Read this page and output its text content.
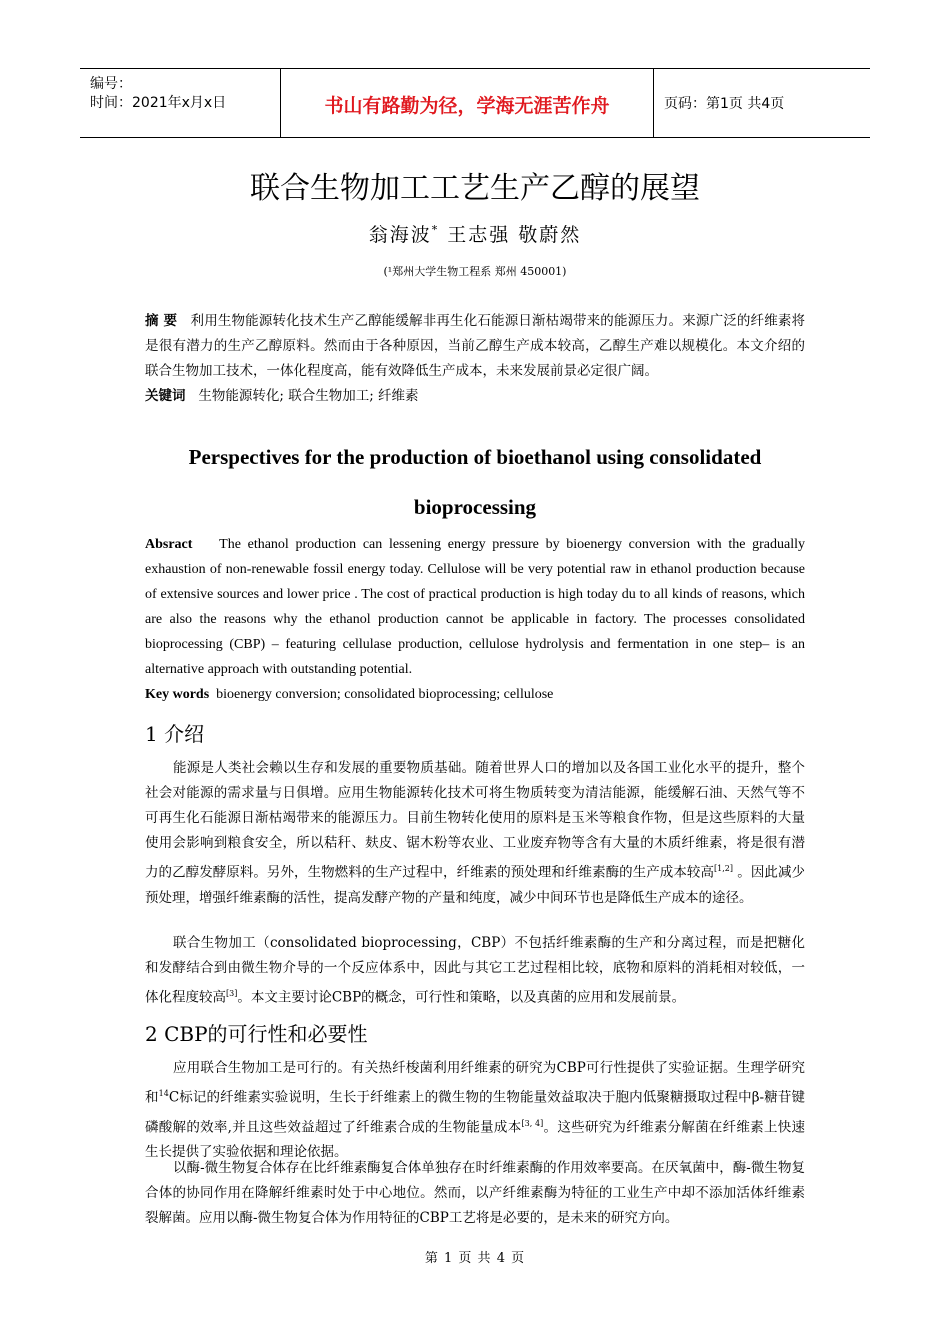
编号：
时间：2021年x月x日	书山有路勤为径，学海无涯苦作舟	页码：第1页 共4页
联合生物加工工艺生产乙醇的展望
翁海波* 王志强 敬蔚然
(¹郑州大学生物工程系 郑州 450001)
摘 要 利用生物能源转化技术生产乙醇能缓解非再生化石能源日渐枯竭带来的能源压力。来源广泛的纤维素将是很有潜力的生产乙醇原料。然而由于各种原因，当前乙醇生产成本较高，乙醇生产难以规模化。本文介绍的联合生物加工技术，一体化程度高，能有效降低生产成本，未来发展前景必定很广阔。
关键词 生物能源转化; 联合生物加工; 纤维素
Perspectives for the production of bioethanol using consolidated
bioprocessing
Absract The ethanol production can lessening energy pressure by bioenergy conversion with the gradually exhaustion of non-renewable fossil energy today. Cellulose will be very potential raw in ethanol production because of extensive sources and lower price . The cost of practical production is high today du to all kinds of reasons, which are also the reasons why the ethanol production cannot be applicable in factory. The processes consolidated bioprocessing (CBP) – featuring cellulase production, cellulose hydrolysis and fermentation in one step– is an alternative approach with outstanding potential.
Key words bioenergy conversion; consolidated bioprocessing; cellulose
1 介绍
能源是人类社会赖以生存和发展的重要物质基础。随着世界人口的增加以及各国工业化水平的提升，整个社会对能源的需求量与日俱增。应用生物能源转化技术可将生物质转变为清洁能源，能缓解石油、天然气等不可再生化石能源日渐枯竭带来的能源压力。目前生物转化使用的原料是玉米等粮食作物，但是这些原料的大量使用会影响到粮食安全，所以秸秆、麸皮、锯木粉等农业、工业废弃物等含有大量的木质纤维素，将是很有潜力的乙醇发酵原料。另外，生物燃料的生产过程中，纤维素的预处理和纤维素酶的生产成本较高[1,2] 。因此减少预处理，增强纤维素酶的活性，提高发酵产物的产量和纯度，减少中间环节也是降低生产成本的途径。
联合生物加工（consolidated bioprocessing，CBP）不包括纤维素酶的生产和分离过程，而是把糖化和发酵结合到由微生物介导的一个反应体系中，因此与其它工艺过程相比较，底物和原料的消耗相对较低，一体化程度较高[3]。本文主要讨论CBP的概念，可行性和策略，以及真菌的应用和发展前景。
2 CBP的可行性和必要性
应用联合生物加工是可行的。有关热纤梭菌利用纤维素的研究为CBP可行性提供了实验证据。生理学研究和$^{14}$C标记的纤维素实验说明，生长于纤维素上的微生物的生物能量效益取决于胞内低聚糖摄取过程中β-糖苷键磷酸解的效率,并且这些效益超过了纤维素合成的生物能量成本[3, 4]。这些研究为纤维素分解菌在纤维素上快速生长提供了实验依据和理论依据。
以酶-微生物复合体存在比纤维素酶复合体单独存在时纤维素酶的作用效率要高。在厌氧菌中，酶-微生物复合体的协同作用在降解纤维素时处于中心地位。然而，以产纤维素酶为特征的工业生产中却不添加活体纤维素裂解菌。应用以酶-微生物复合体为作用特征的CBP工艺将是必要的，是未来的研究方向。
第 1 页 共 4 页
